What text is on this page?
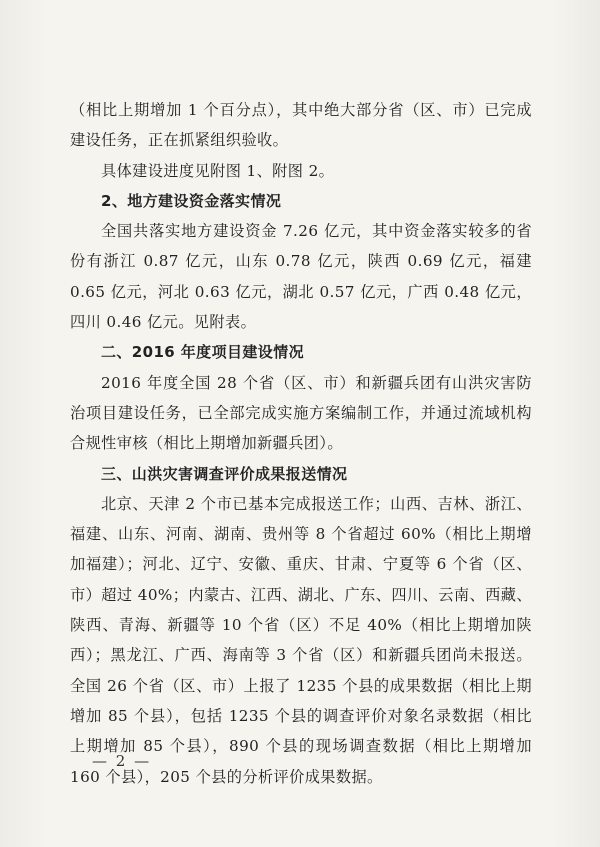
（相比上期增加 1 个百分点），其中绝大部分省（区、市）已完成建设任务，正在抓紧组织验收。

具体建设进度见附图 1、附图 2。

2、地方建设资金落实情况

全国共落实地方建设资金 7.26 亿元，其中资金落实较多的省份有浙江 0.87 亿元，山东 0.78 亿元，陕西 0.69 亿元，福建 0.65 亿元，河北 0.63 亿元，湖北 0.57 亿元，广西 0.48 亿元，四川 0.46 亿元。见附表。

二、2016 年度项目建设情况

2016 年度全国 28 个省（区、市）和新疆兵团有山洪灾害防治项目建设任务，已全部完成实施方案编制工作，并通过流域机构合规性审核（相比上期增加新疆兵团）。

三、山洪灾害调查评价成果报送情况

北京、天津 2 个市已基本完成报送工作；山西、吉林、浙江、福建、山东、河南、湖南、贵州等 8 个省超过 60%（相比上期增加福建）；河北、辽宁、安徽、重庆、甘肃、宁夏等 6 个省（区、市）超过 40%；内蒙古、江西、湖北、广东、四川、云南、西藏、陕西、青海、新疆等 10 个省（区）不足 40%（相比上期增加陕西）；黑龙江、广西、海南等 3 个省（区）和新疆兵团尚未报送。全国 26 个省（区、市）上报了 1235 个县的成果数据（相比上期增加 85 个县），包括 1235 个县的调查评价对象名录数据（相比上期增加 85 个县），890 个县的现场调查数据（相比上期增加 160 个县），205 个县的分析评价成果数据。

— 2 —
